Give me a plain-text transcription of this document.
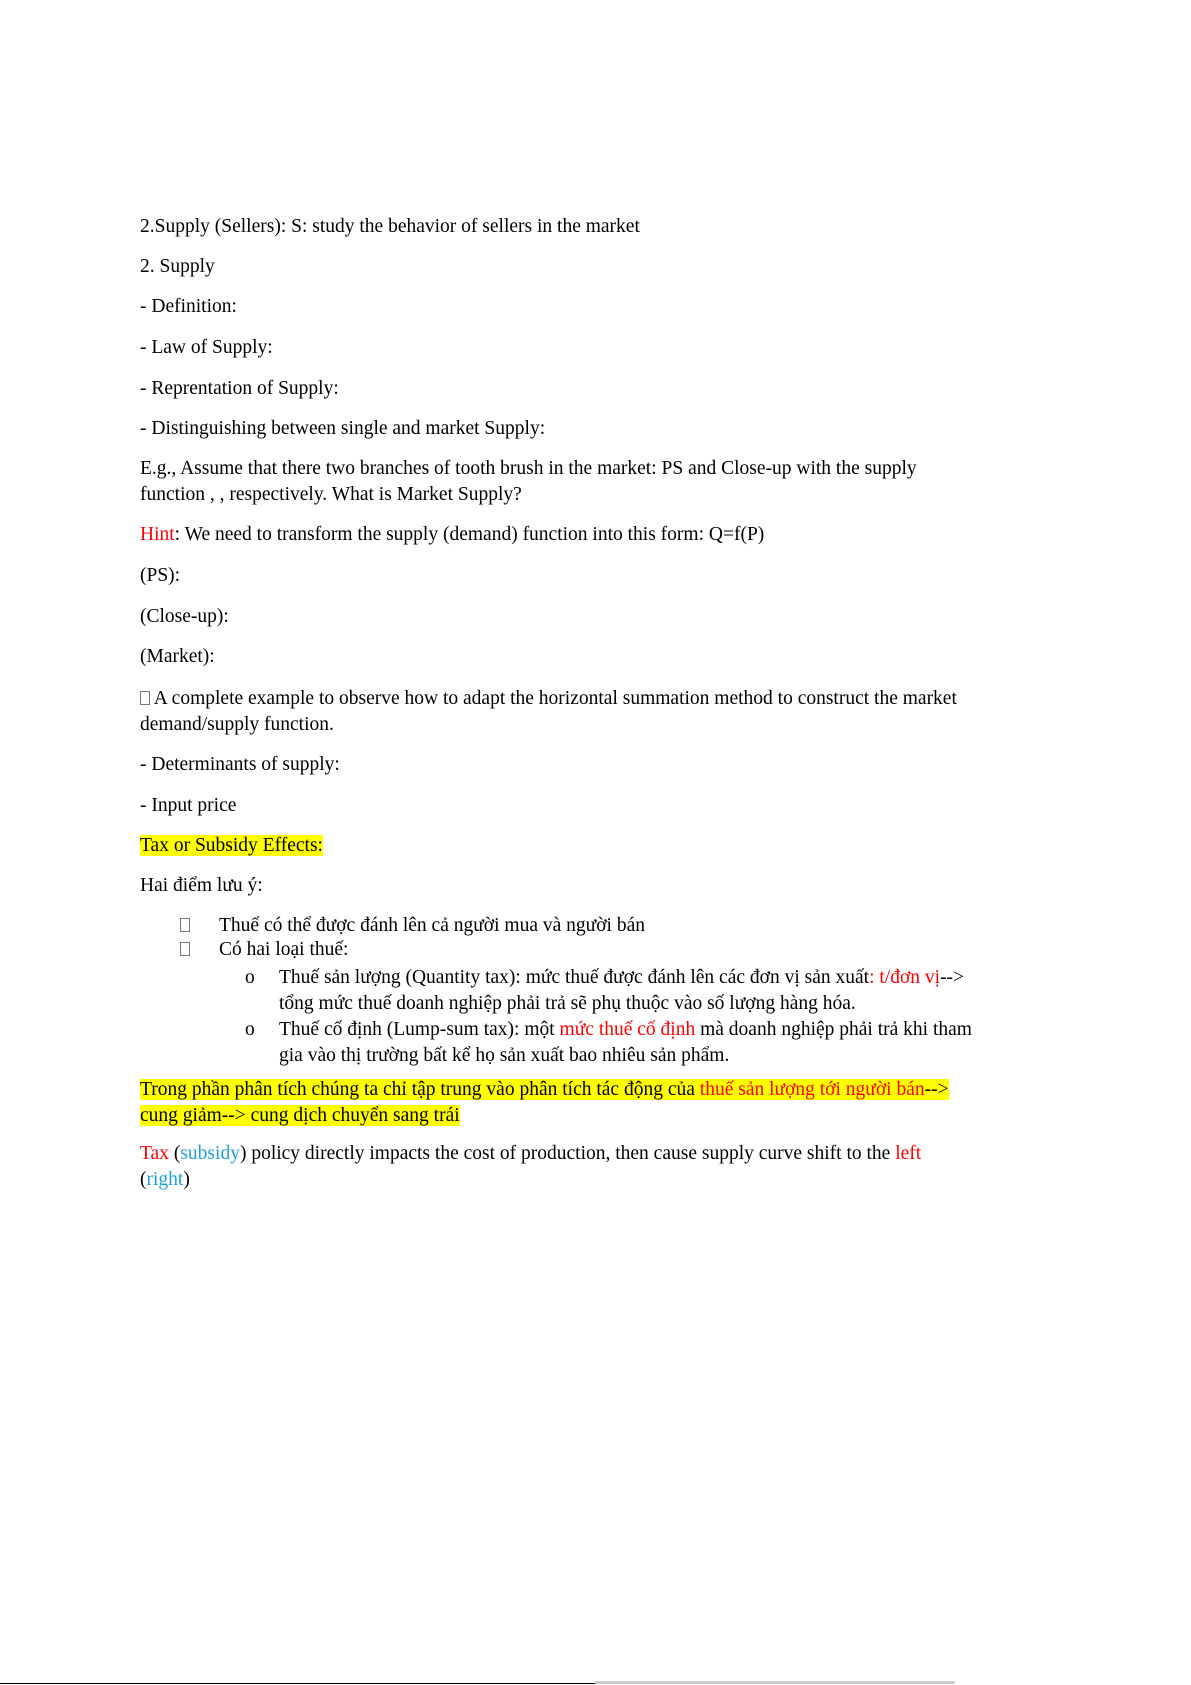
2.Supply (Sellers): S: study the behavior of sellers in the market

2. Supply

- Definition:

- Law of Supply:

- Reprentation of Supply:

- Distinguishing between single and market Supply:

E.g., Assume that there two branches of tooth brush in the market: PS and Close-up with the supply

function , , respectively. What is Market Supply?

Hint: We need to transform the supply (demand) function into this form: Q=f(P)

(PS):

(Close-up):

(Market):

A complete example to observe how to adapt the horizontal summation method to construct the market

demand/supply function.

- Determinants of supply:

- Input price

Tax or Subsidy Effects:

Hai điểm lưu ý:

Thuế có thể được đánh lên cả người mua và người bán

Có hai loại thuế:

o Thuế sản lượng (Quantity tax): mức thuế được đánh lên các đơn vị sản xuất: t/đơn vị-->

tổng mức thuế doanh nghiệp phải trả sẽ phụ thuộc vào số lượng hàng hóa.

o Thuế cố định (Lump-sum tax): một mức thuế cố định mà doanh nghiệp phải trả khi tham

gia vào thị trường bất kể họ sản xuất bao nhiêu sản phẩm.

Trong phần phân tích chúng ta chỉ tập trung vào phân tích tác động của thuế sản lượng tới người bán-->

cung giảm--> cung dịch chuyển sang trái

Tax (subsidy) policy directly impacts the cost of production, then cause supply curve shift to the left

(right)
